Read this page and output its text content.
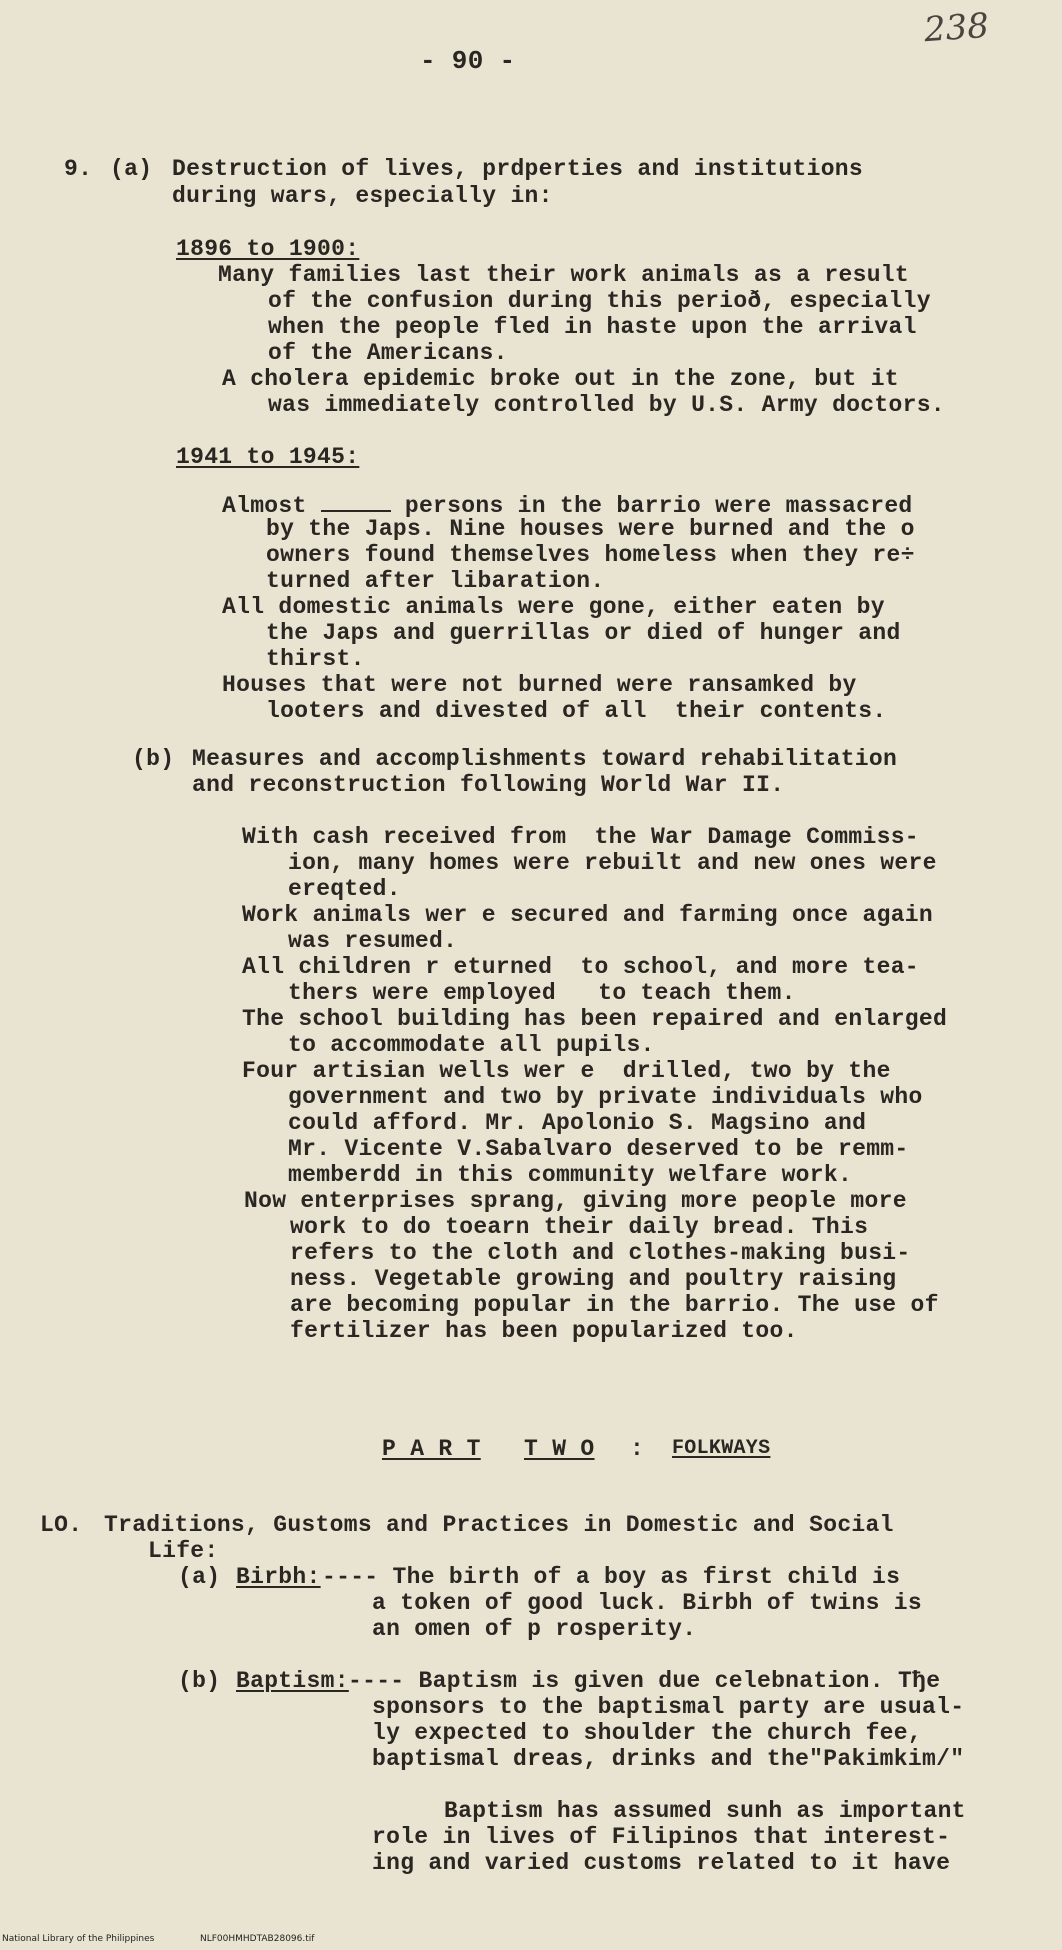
- 90 -
238
9. (a) Destruction of lives, prdperties and institutions
during wars, especially in:
1896 to 1900:
Many families last their work animals as a result
of the confusion during this perioð, especially
when the people fled in haste upon the arrival
of the Americans.
A cholera epidemic broke out in the zone, but it
was immediately controlled by U.S. Army doctors.
1941 to 1945:
Almost	persons in the barrio were massacred
by the Japs. Nine houses were burned and the o
owners found themselves homeless when they re÷
turned after libaration.
All domestic animals were gone, either eaten by
the Japs and guerrillas or died of hunger and
thirst.
Houses that were not burned were ransamked by
looters and divested of all  their contents.
(b) Measures and accomplishments toward rehabilitation
and reconstruction following World War II.
With cash received from  the War Damage Commiss-
ion, many homes were rebuilt and new ones were
ereqted.
Work animals wer e secured and farming once again
was resumed.
All children r eturned  to school, and more tea-
thers were employed   to teach them.
The school building has been repaired and enlarged
to accommodate all pupils.
Four artisian wells wer e  drilled, two by the
government and two by private individuals who
could afford. Mr. Apolonio S. Magsino and
Mr. Vicente V.Sabalvaro deserved to be remm-
memberdd in this community welfare work.
Now enterprises sprang, giving more people more
work to do toearn their daily bread. This
refers to the cloth and clothes-making busi-
ness. Vegetable growing and poultry raising
are becoming popular in the barrio. The use of
fertilizer has been popularized too.
P A R T T W O : FOLKWAYS
LO. Traditions, Gustoms and Practices in Domestic and Social
Life:
(a) Birbh: ---- The birth of a boy as first child is
a token of good luck. Birbh of twins is
an omen of p rosperity.
(b) Baptism: ---- Baptism is given due celebnation. Tђe
sponsors to the baptismal party are usual-
ly expected to shoulder the church fee,
baptismal dreas, drinks and the"Pakimkim/"
Baptism has assumed sunh as important
role in lives of Filipinos that interest-
ing and varied customs related to it have
National Library of the Philippines	NLF00HMHDTAB28096.tif
